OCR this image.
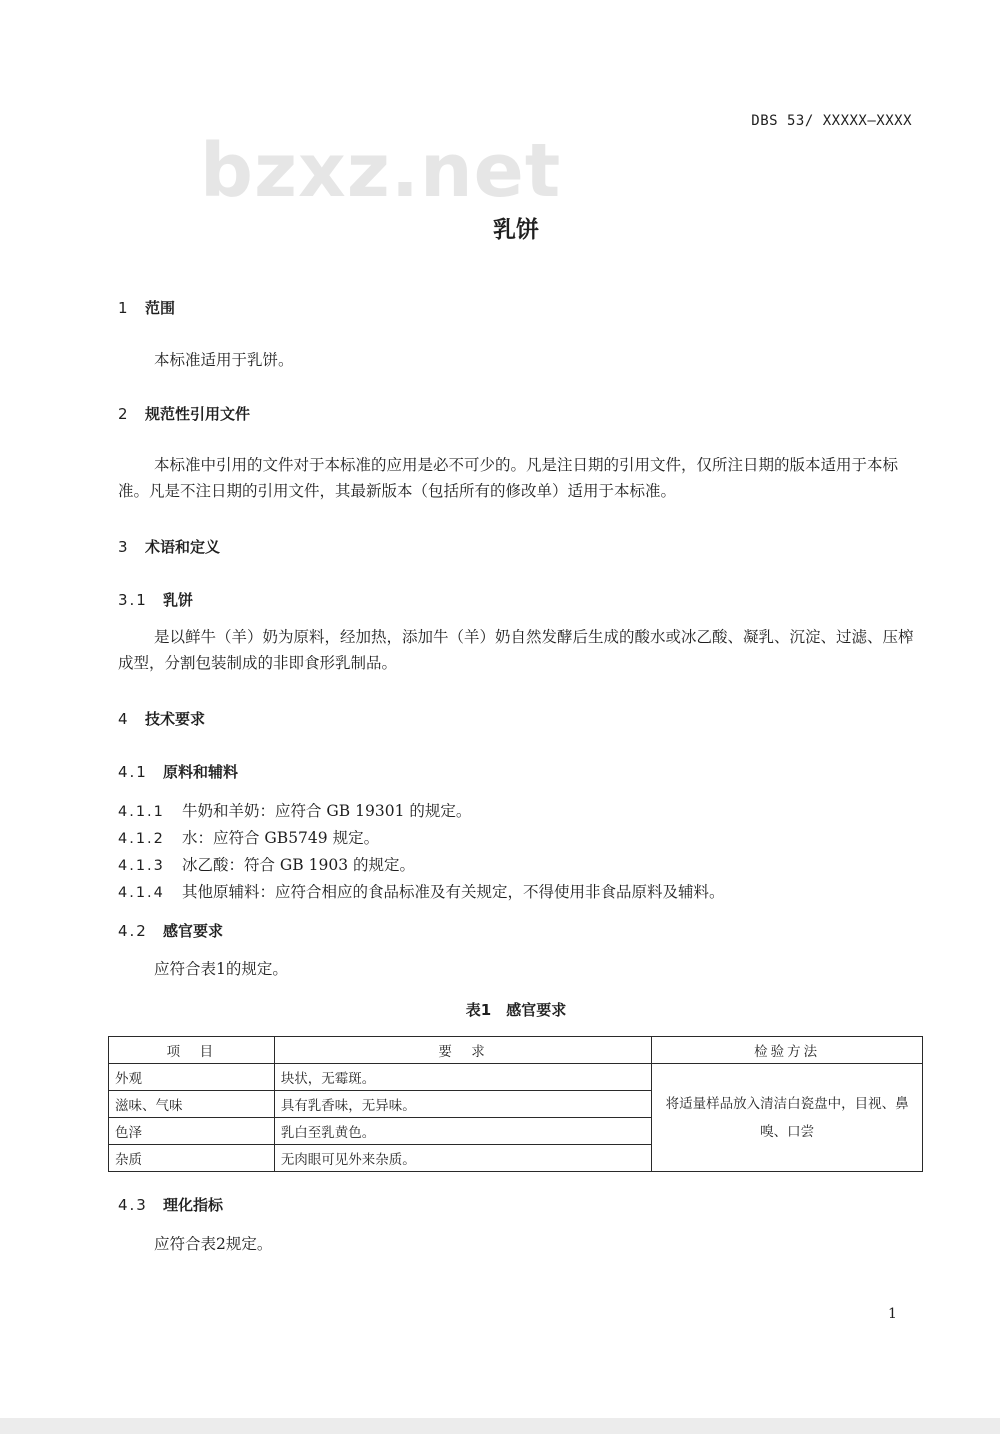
bzxz.net
DBS 53/ XXXXX—XXXX
乳饼
1 范围
本标准适用于乳饼。
2 规范性引用文件
本标准中引用的文件对于本标准的应用是必不可少的。凡是注日期的引用文件，仅所注日期的版本适用于本标准。凡是不注日期的引用文件，其最新版本（包括所有的修改单）适用于本标准。
3 术语和定义
3.1 乳饼
是以鲜牛（羊）奶为原料，经加热，添加牛（羊）奶自然发酵后生成的酸水或冰乙酸、凝乳、沉淀、过滤、压榨成型，分割包装制成的非即食形乳制品。
4 技术要求
4.1 原料和辅料
4.1.1 牛奶和羊奶：应符合 GB 19301 的规定。
4.1.2 水：应符合 GB5749 规定。
4.1.3 冰乙酸：符合 GB 1903 的规定。
4.1.4 其他原辅料：应符合相应的食品标准及有关规定，不得使用非食品原料及辅料。
4.2 感官要求
应符合表1的规定。
表1　感官要求
项　目	要　求	检验方法
外观	块状，无霉斑。	将适量样品放入清洁白瓷盘中，目视、鼻嗅、口尝
滋味、气味	具有乳香味，无异味。	
色泽	乳白至乳黄色。	
杂质	无肉眼可见外来杂质。	
4.3 理化指标
应符合表2规定。
1
